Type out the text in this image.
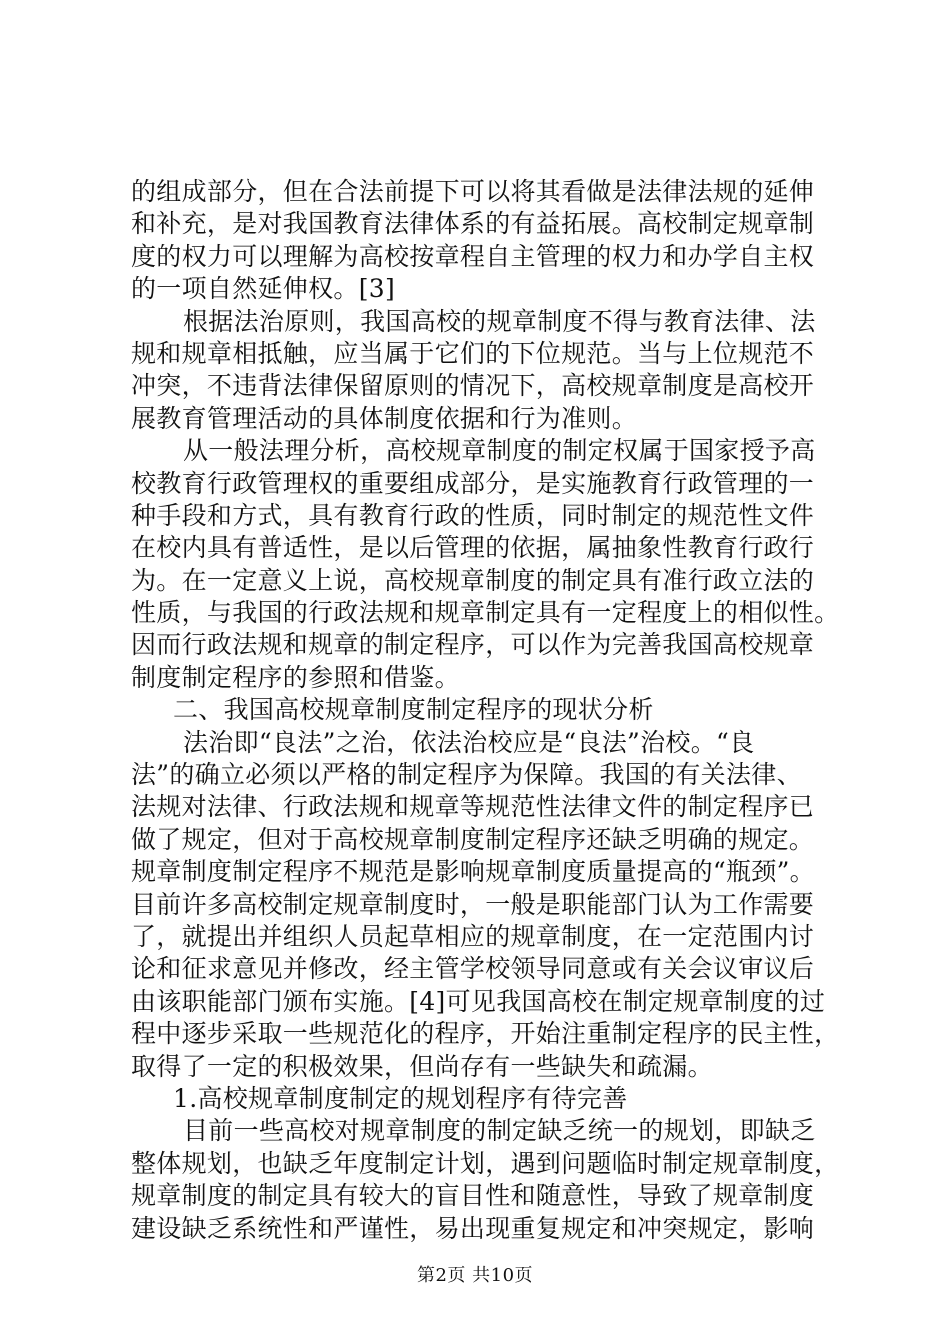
的组成部分，但在合法前提下可以将其看做是法律法规的延伸
和补充，是对我国教育法律体系的有益拓展。高校制定规章制
度的权力可以理解为高校按章程自主管理的权力和办学自主权
的一项自然延伸权。[3]
根据法治原则，我国高校的规章制度不得与教育法律、法
规和规章相抵触，应当属于它们的下位规范。当与上位规范不
冲突，不违背法律保留原则的情况下，高校规章制度是高校开
展教育管理活动的具体制度依据和行为准则。
从一般法理分析，高校规章制度的制定权属于国家授予高
校教育行政管理权的重要组成部分，是实施教育行政管理的一
种手段和方式，具有教育行政的性质，同时制定的规范性文件
在校内具有普适性，是以后管理的依据，属抽象性教育行政行
为。在一定意义上说，高校规章制度的制定具有准行政立法的
性质，与我国的行政法规和规章制定具有一定程度上的相似性。
因而行政法规和规章的制定程序，可以作为完善我国高校规章
制度制定程序的参照和借鉴。
二、我国高校规章制度制定程序的现状分析
法治即“良法”之治，依法治校应是“良法”治校。“良
法”的确立必须以严格的制定程序为保障。我国的有关法律、
法规对法律、行政法规和规章等规范性法律文件的制定程序已
做了规定，但对于高校规章制度制定程序还缺乏明确的规定。
规章制度制定程序不规范是影响规章制度质量提高的“瓶颈”。
目前许多高校制定规章制度时，一般是职能部门认为工作需要
了，就提出并组织人员起草相应的规章制度，在一定范围内讨
论和征求意见并修改，经主管学校领导同意或有关会议审议后
由该职能部门颁布实施。[4]可见我国高校在制定规章制度的过
程中逐步采取一些规范化的程序，开始注重制定程序的民主性，
取得了一定的积极效果，但尚存有一些缺失和疏漏。
1.高校规章制度制定的规划程序有待完善
目前一些高校对规章制度的制定缺乏统一的规划，即缺乏
整体规划，也缺乏年度制定计划，遇到问题临时制定规章制度，
规章制度的制定具有较大的盲目性和随意性，导致了规章制度
建设缺乏系统性和严谨性，易出现重复规定和冲突规定，影响
第2页 共10页
